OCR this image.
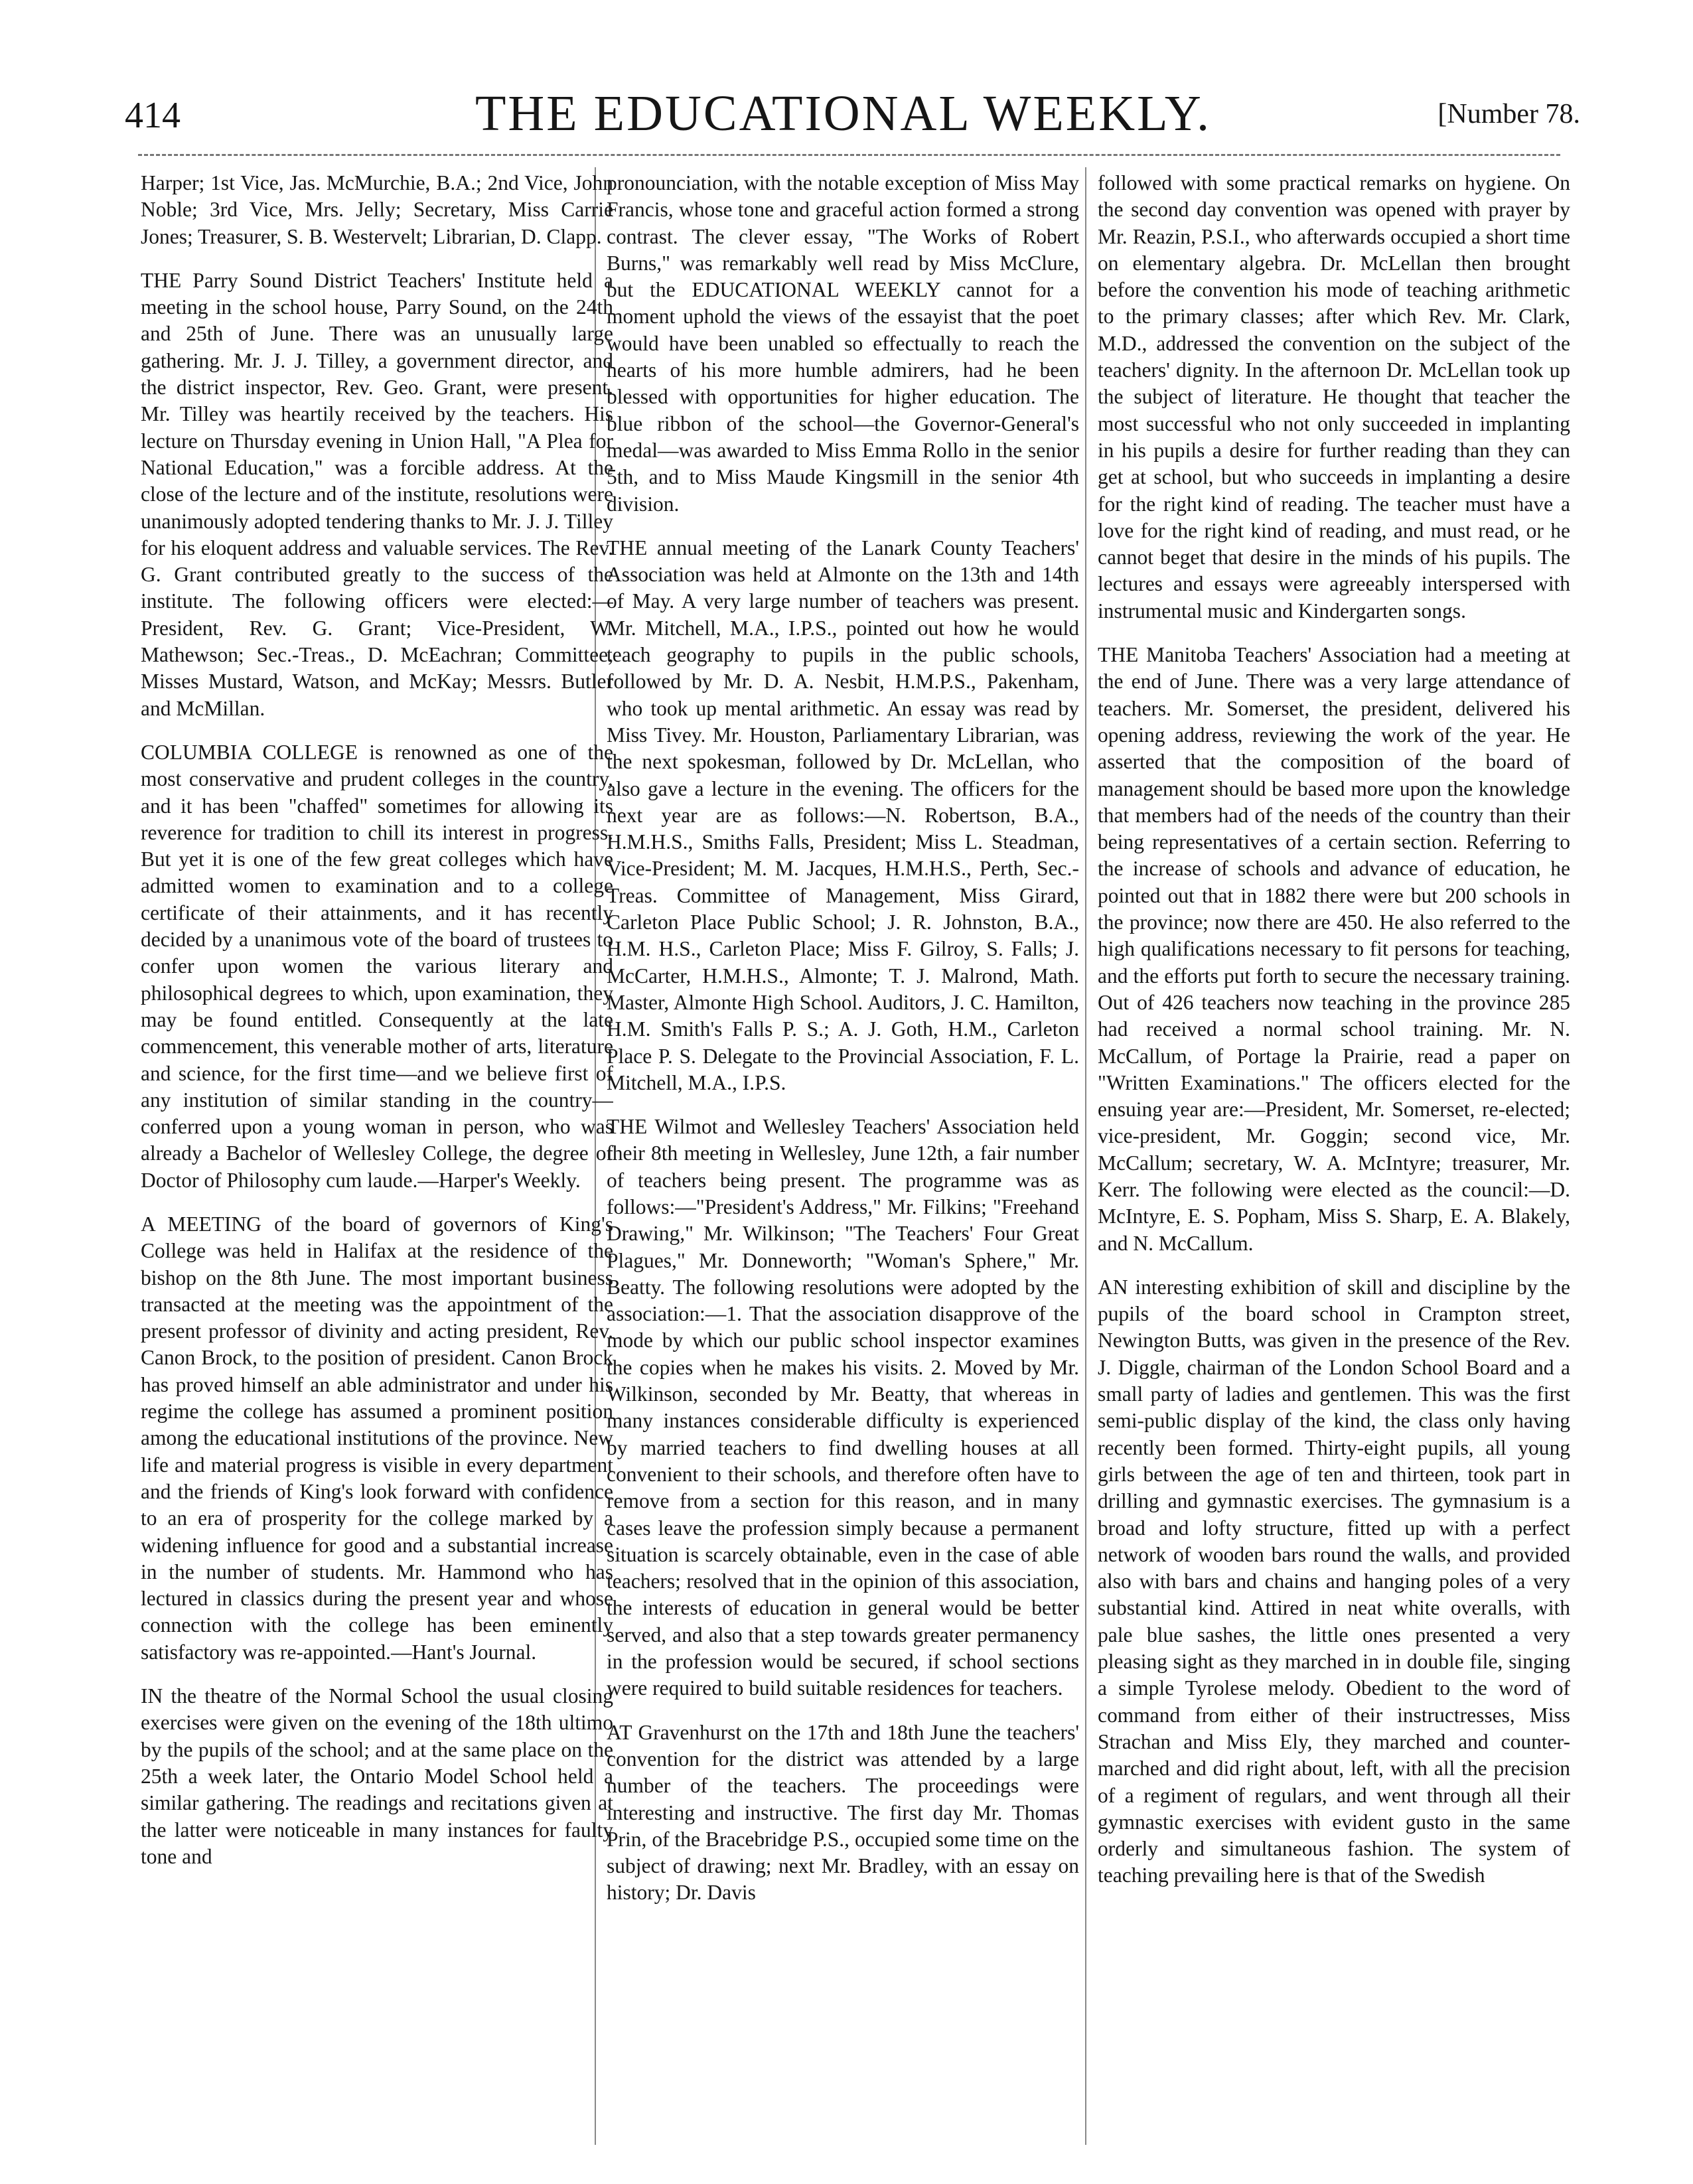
414	THE EDUCATIONAL WEEKLY.	[Number 78.

Harper; 1st Vice, Jas. McMurchie, B.A.; 2nd Vice, John Noble; 3rd Vice, Mrs. Jelly; Secretary, Miss Carrie Jones; Treasurer, S. B. Westervelt; Librarian, D. Clapp.

THE Parry Sound District Teachers' Institute held a meeting in the school house, Parry Sound, on the 24th and 25th of June. There was an unusually large gathering. Mr. J. J. Tilley, a government director, and the district inspector, Rev. Geo. Grant, were present. Mr. Tilley was heartily received by the teachers. His lecture on Thursday evening in Union Hall, "A Plea for National Education," was a forcible address. At the close of the lecture and of the institute, resolutions were unanimously adopted tendering thanks to Mr. J. J. Tilley for his eloquent address and valuable services. The Rev. G. Grant contributed greatly to the success of the institute. The following officers were elected:—President, Rev. G. Grant; Vice-President, W. Mathewson; Sec.-Treas., D. McEachran; Committee, Misses Mustard, Watson, and McKay; Messrs. Butler and McMillan.

COLUMBIA COLLEGE is renowned as one of the most conservative and prudent colleges in the country, and it has been "chaffed" sometimes for allowing its reverence for tradition to chill its interest in progress. But yet it is one of the few great colleges which have admitted women to examination and to a college certificate of their attainments, and it has recently decided by a unanimous vote of the board of trustees to confer upon women the various literary and philosophical degrees to which, upon examination, they may be found entitled. Consequently at the late commencement, this venerable mother of arts, literature and science, for the first time—and we believe first of any institution of similar standing in the country—conferred upon a young woman in person, who was already a Bachelor of Wellesley College, the degree of Doctor of Philosophy cum laude.—Harper's Weekly.

A MEETING of the board of governors of King's College was held in Halifax at the residence of the bishop on the 8th June. The most important business transacted at the meeting was the appointment of the present professor of divinity and acting president, Rev. Canon Brock, to the position of president. Canon Brock has proved himself an able administrator and under his regime the college has assumed a prominent position among the educational institutions of the province. New life and material progress is visible in every department and the friends of King's look forward with confidence to an era of prosperity for the college marked by a widening influence for good and a substantial increase in the number of students. Mr. Hammond who has lectured in classics during the present year and whose connection with the college has been eminently satisfactory was re-appointed.—Hant's Journal.

IN the theatre of the Normal School the usual closing exercises were given on the evening of the 18th ultimo by the pupils of the school; and at the same place on the 25th a week later, the Ontario Model School held a similar gathering. The readings and recitations given at the latter were noticeable in many instances for faulty tone and

pronounciation, with the notable exception of Miss May Francis, whose tone and graceful action formed a strong contrast. The clever essay, "The Works of Robert Burns," was remarkably well read by Miss McClure, but the EDUCATIONAL WEEKLY cannot for a moment uphold the views of the essayist that the poet would have been unabled so effectually to reach the hearts of his more humble admirers, had he been blessed with opportunities for higher education. The blue ribbon of the school—the Governor-General's medal—was awarded to Miss Emma Rollo in the senior 5th, and to Miss Maude Kingsmill in the senior 4th division.

THE annual meeting of the Lanark County Teachers' Association was held at Almonte on the 13th and 14th of May. A very large number of teachers was present. Mr. Mitchell, M.A., I.P.S., pointed out how he would teach geography to pupils in the public schools, followed by Mr. D. A. Nesbit, H.M.P.S., Pakenham, who took up mental arithmetic. An essay was read by Miss Tivey. Mr. Houston, Parliamentary Librarian, was the next spokesman, followed by Dr. McLellan, who also gave a lecture in the evening. The officers for the next year are as follows:—N. Robertson, B.A., H.M.H.S., Smiths Falls, President; Miss L. Steadman, Vice-President; M. M. Jacques, H.M.H.S., Perth, Sec.-Treas. Committee of Management, Miss Girard, Carleton Place Public School; J. R. Johnston, B.A., H.M. H.S., Carleton Place; Miss F. Gilroy, S. Falls; J. McCarter, H.M.H.S., Almonte; T. J. Malrond, Math. Master, Almonte High School. Auditors, J. C. Hamilton, H.M. Smith's Falls P. S.; A. J. Goth, H.M., Carleton Place P. S. Delegate to the Provincial Association, F. L. Mitchell, M.A., I.P.S.

THE Wilmot and Wellesley Teachers' Association held their 8th meeting in Wellesley, June 12th, a fair number of teachers being present. The programme was as follows:—"President's Address," Mr. Filkins; "Freehand Drawing," Mr. Wilkinson; "The Teachers' Four Great Plagues," Mr. Donneworth; "Woman's Sphere," Mr. Beatty. The following resolutions were adopted by the association:—1. That the association disapprove of the mode by which our public school inspector examines the copies when he makes his visits. 2. Moved by Mr. Wilkinson, seconded by Mr. Beatty, that whereas in many instances considerable difficulty is experienced by married teachers to find dwelling houses at all convenient to their schools, and therefore often have to remove from a section for this reason, and in many cases leave the profession simply because a permanent situation is scarcely obtainable, even in the case of able teachers; resolved that in the opinion of this association, the interests of education in general would be better served, and also that a step towards greater permanency in the profession would be secured, if school sections were required to build suitable residences for teachers.

AT Gravenhurst on the 17th and 18th June the teachers' convention for the district was attended by a large number of the teachers. The proceedings were interesting and instructive. The first day Mr. Thomas Prin, of the Bracebridge P.S., occupied some time on the subject of drawing; next Mr. Bradley, with an essay on history; Dr. Davis

followed with some practical remarks on hygiene. On the second day convention was opened with prayer by Mr. Reazin, P.S.I., who afterwards occupied a short time on elementary algebra. Dr. McLellan then brought before the convention his mode of teaching arithmetic to the primary classes; after which Rev. Mr. Clark, M.D., addressed the convention on the subject of the teachers' dignity. In the afternoon Dr. McLellan took up the subject of literature. He thought that teacher the most successful who not only succeeded in implanting in his pupils a desire for further reading than they can get at school, but who succeeds in implanting a desire for the right kind of reading. The teacher must have a love for the right kind of reading, and must read, or he cannot beget that desire in the minds of his pupils. The lectures and essays were agreeably interspersed with instrumental music and Kindergarten songs.

THE Manitoba Teachers' Association had a meeting at the end of June. There was a very large attendance of teachers. Mr. Somerset, the president, delivered his opening address, reviewing the work of the year. He asserted that the composition of the board of management should be based more upon the knowledge that members had of the needs of the country than their being representatives of a certain section. Referring to the increase of schools and advance of education, he pointed out that in 1882 there were but 200 schools in the province; now there are 450. He also referred to the high qualifications necessary to fit persons for teaching, and the efforts put forth to secure the necessary training. Out of 426 teachers now teaching in the province 285 had received a normal school training. Mr. N. McCallum, of Portage la Prairie, read a paper on "Written Examinations." The officers elected for the ensuing year are:—President, Mr. Somerset, re-elected; vice-president, Mr. Goggin; second vice, Mr. McCallum; secretary, W. A. McIntyre; treasurer, Mr. Kerr. The following were elected as the council:—D. McIntyre, E. S. Popham, Miss S. Sharp, E. A. Blakely, and N. McCallum.

AN interesting exhibition of skill and discipline by the pupils of the board school in Crampton street, Newington Butts, was given in the presence of the Rev. J. Diggle, chairman of the London School Board and a small party of ladies and gentlemen. This was the first semi-public display of the kind, the class only having recently been formed. Thirty-eight pupils, all young girls between the age of ten and thirteen, took part in drilling and gymnastic exercises. The gymnasium is a broad and lofty structure, fitted up with a perfect network of wooden bars round the walls, and provided also with bars and chains and hanging poles of a very substantial kind. Attired in neat white overalls, with pale blue sashes, the little ones presented a very pleasing sight as they marched in in double file, singing a simple Tyrolese melody. Obedient to the word of command from either of their instructresses, Miss Strachan and Miss Ely, they marched and counter-marched and did right about, left, with all the precision of a regiment of regulars, and went through all their gymnastic exercises with evident gusto in the same orderly and simultaneous fashion. The system of teaching prevailing here is that of the Swedish
